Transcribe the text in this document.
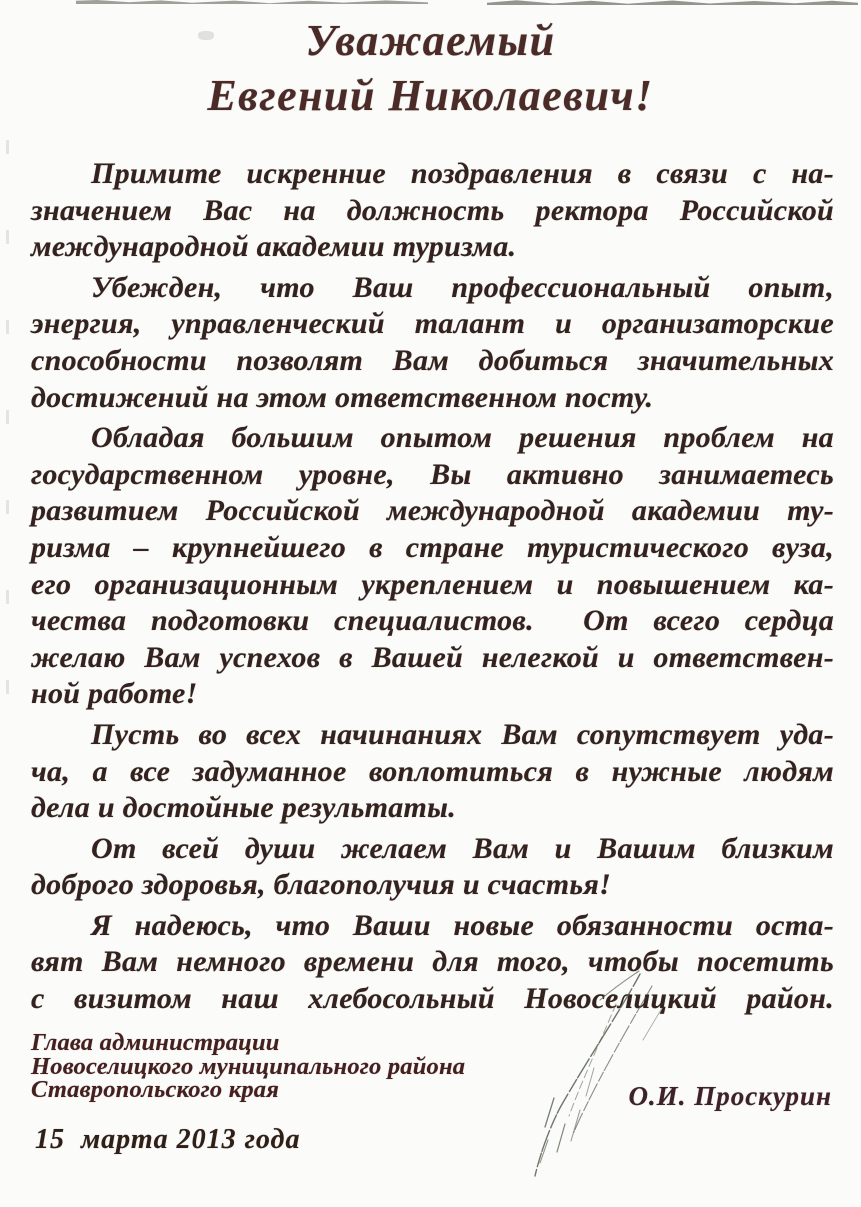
Уважаемый
Евгений Николаевич!
Примите искренние поздравления в связи с на-
значением Вас на должность ректора Российской
международной академии туризма.
Убежден, что Ваш профессиональный опыт,
энергия, управленческий талант и организаторские
способности позволят Вам добиться значительных
достижений на этом ответственном посту.
Обладая большим опытом решения проблем на
государственном уровне, Вы активно занимаетесь
развитием Российской международной академии ту-
ризма – крупнейшего в стране туристического вуза,
его организационным укреплением и повышением ка-
чества подготовки специалистов.  От всего сердца
желаю Вам успехов в Вашей нелегкой и ответствен-
ной работе!
Пусть во всех начинаниях Вам сопутствует уда-
ча, а все задуманное воплотиться в нужные людям
дела и достойные результаты.
От всей души желаем Вам и Вашим близким
доброго здоровья, благополучия и счастья!
Я надеюсь, что Ваши новые обязанности оста-
вят Вам немного времени для того, чтобы посетить
с визитом наш хлебосольный Новоселицкий район.
Глава администрации
Новоселицкого муниципального района
Ставропольского края	О.И. Проскурин
15  марта 2013 года
